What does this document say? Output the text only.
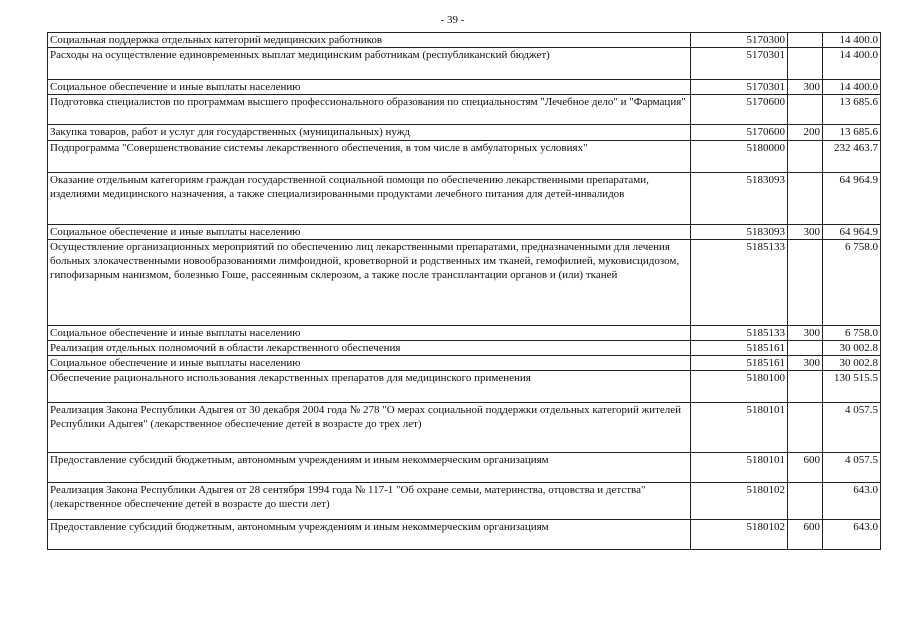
- 39 -
Социальная поддержка отдельных категорий медицинских работников	5170300		14 400.0
Расходы на осуществление единовременных выплат медицинским работникам (республиканский бюджет)	5170301		14 400.0
Социальное обеспечение и иные выплаты населению	5170301	300	14 400.0
Подготовка специалистов по программам высшего профессионального образования по специальностям "Лечебное дело" и "Фармация"	5170600		13 685.6
Закупка товаров, работ и услуг для государственных (муниципальных) нужд	5170600	200	13 685.6
Подпрограмма "Совершенствование системы лекарственного обеспечения, в том числе в амбулаторных условиях"	5180000		232 463.7
Оказание отдельным категориям граждан государственной социальной помощи по обеспечению лекарственными препаратами, изделиями медицинского назначения, а также специализированными продуктами лечебного питания для детей-инвалидов	5183093		64 964.9
Социальное обеспечение и иные выплаты населению	5183093	300	64 964.9
Осуществление организационных мероприятий по обеспечению лиц лекарственными препаратами, предназначенными для лечения больных злокачественными новообразованиями лимфоидной, кроветворной и родственных им тканей, гемофилией, муковисцидозом, гипофизарным нанизмом, болезнью Гоше, рассеянным склерозом, а также после трансплантации органов и (или) тканей	5185133		6 758.0
Социальное обеспечение и иные выплаты населению	5185133	300	6 758.0
Реализация отдельных полномочий в области лекарственного обеспечения	5185161		30 002.8
Социальное обеспечение и иные выплаты населению	5185161	300	30 002.8
Обеспечение рационального использования лекарственных препаратов для медицинского применения	5180100		130 515.5
Реализация Закона Республики Адыгея от 30 декабря 2004 года № 278 "О мерах социальной поддержки отдельных категорий жителей Республики Адыгея" (лекарственное обеспечение детей в возрасте до трех лет)	5180101		4 057.5
Предоставление субсидий бюджетным, автономным учреждениям и иным некоммерческим организациям	5180101	600	4 057.5
Реализация Закона Республики Адыгея от 28 сентября 1994 года № 117-1 "Об охране семьи, материнства, отцовства и детства" (лекарственное обеспечение детей в возрасте до шести лет)	5180102		643.0
Предоставление субсидий бюджетным, автономным учреждениям и иным некоммерческим организациям	5180102	600	643.0
